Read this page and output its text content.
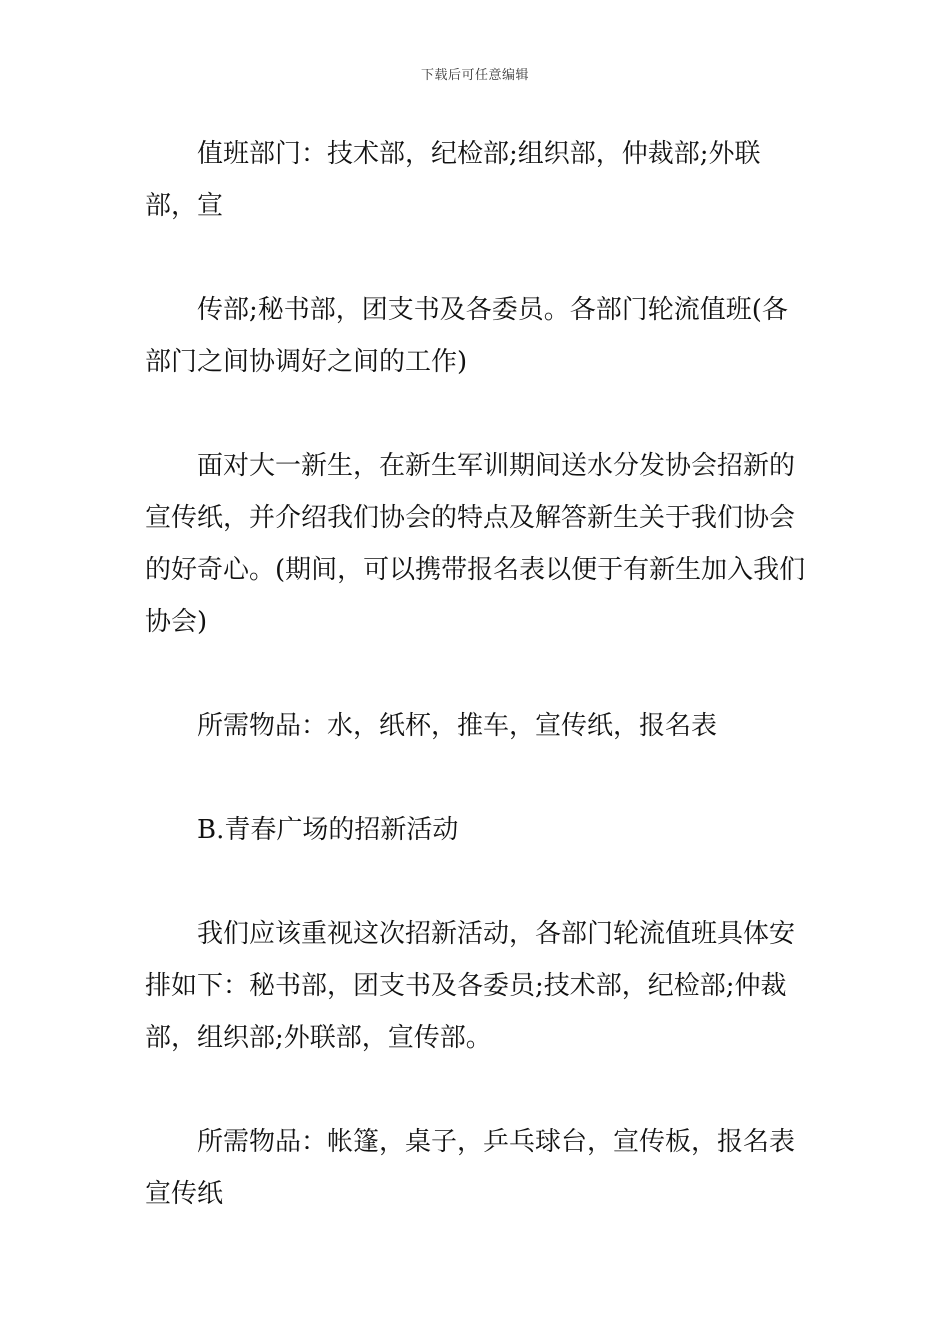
下载后可任意编辑

值班部门：技术部，纪检部;组织部，仲裁部;外联部，宣

传部;秘书部，团支书及各委员。各部门轮流值班(各部门之间协调好之间的工作)

面对大一新生，在新生军训期间送水分发协会招新的宣传纸，并介绍我们协会的特点及解答新生关于我们协会的好奇心。(期间，可以携带报名表以便于有新生加入我们协会)

所需物品：水，纸杯，推车，宣传纸，报名表

B.青春广场的招新活动

我们应该重视这次招新活动，各部门轮流值班具体安排如下：秘书部，团支书及各委员;技术部，纪检部;仲裁部，组织部;外联部，宣传部。

所需物品：帐篷，桌子，乒乓球台，宣传板，报名表宣传纸
